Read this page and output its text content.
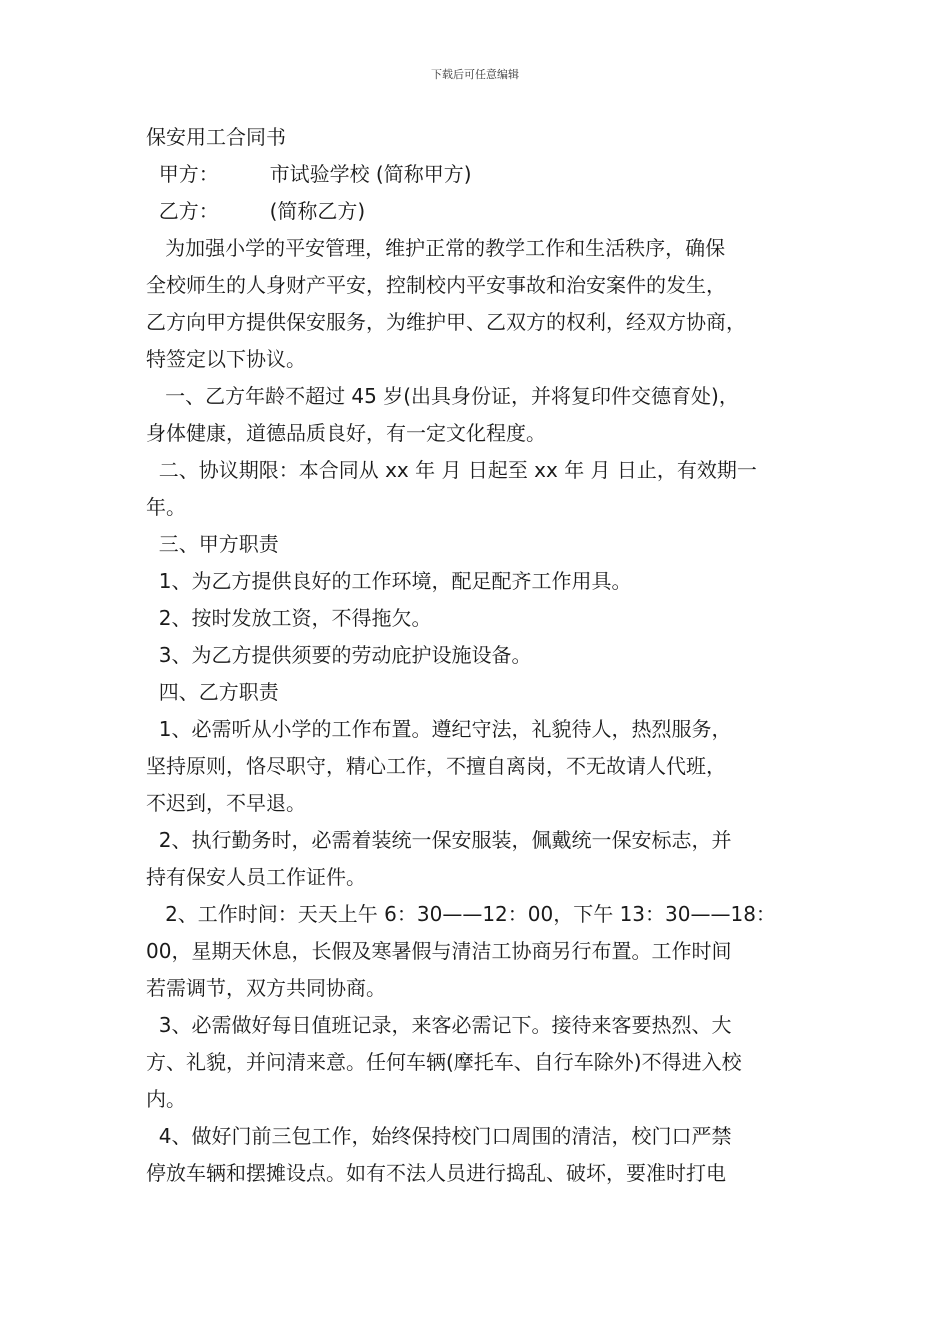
下载后可任意编辑
保安用工合同书
甲方：        市试验学校 (简称甲方)
乙方：        (简称乙方)
为加强小学的平安管理，维护正常的教学工作和生活秩序，确保
全校师生的人身财产平安，控制校内平安事故和治安案件的发生，
乙方向甲方提供保安服务，为维护甲、乙双方的权利，经双方协商，
特签定以下协议。
一、乙方年龄不超过 45 岁(出具身份证，并将复印件交德育处)，
身体健康，道德品质良好，有一定文化程度。
二、协议期限：本合同从 xx 年 月 日起至 xx 年 月 日止，有效期一
年。
三、甲方职责
1、为乙方提供良好的工作环境，配足配齐工作用具。
2、按时发放工资，不得拖欠。
3、为乙方提供须要的劳动庇护设施设备。
四、乙方职责
1、必需听从小学的工作布置。遵纪守法，礼貌待人，热烈服务，
坚持原则，恪尽职守，精心工作，不擅自离岗，不无故请人代班，
不迟到，不早退。
2、执行勤务时，必需着装统一保安服装，佩戴统一保安标志，并
持有保安人员工作证件。
2、工作时间：天天上午 6：30——12：00，下午 13：30——18：
00，星期天休息，长假及寒暑假与清洁工协商另行布置。工作时间
若需调节，双方共同协商。
3、必需做好每日值班记录，来客必需记下。接待来客要热烈、大
方、礼貌，并问清来意。任何车辆(摩托车、自行车除外)不得进入校
内。
4、做好门前三包工作，始终保持校门口周围的清洁，校门口严禁
停放车辆和摆摊设点。如有不法人员进行捣乱、破坏，要准时打电
